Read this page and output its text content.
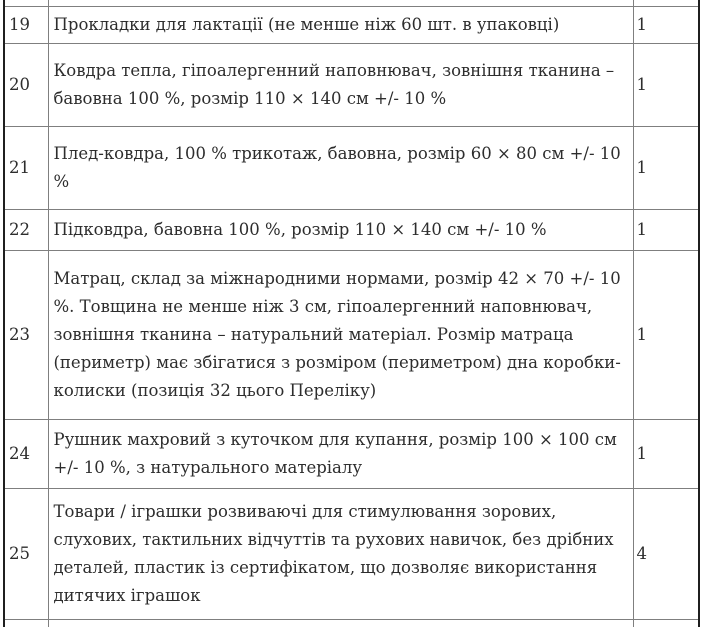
19	Прокладки для лактації (не менше ніж 60 шт. в упаковці)	1
20	Ковдра тепла, гіпоалергенний наповнювач, зовнішня тканина – бавовна 100 %, розмір 110 × 140 см +/- 10 %	1
21	Плед-ковдра, 100 % трикотаж, бавовна, розмір 60 × 80 см +/- 10 %	1
22	Підковдра, бавовна 100 %, розмір 110 × 140 см +/- 10 %	1
23	Матрац, склад за міжнародними нормами, розмір 42 × 70 +/- 10 %. Товщина не менше ніж 3 см, гіпоалергенний наповнювач, зовнішня тканина – натуральний матеріал. Розмір матраца (периметр) має збігатися з розміром (периметром) дна коробки-колиски (позиція 32 цього Переліку)	1
24	Рушник махровий з куточком для купання, розмір 100 × 100 см +/- 10 %, з натурального матеріалу	1
25	Товари / іграшки розвиваючі для стимулювання зорових, слухових, тактильних відчуттів та рухових навичок, без дрібних деталей, пластик із сертифікатом, що дозволяє використання дитячих іграшок	4
